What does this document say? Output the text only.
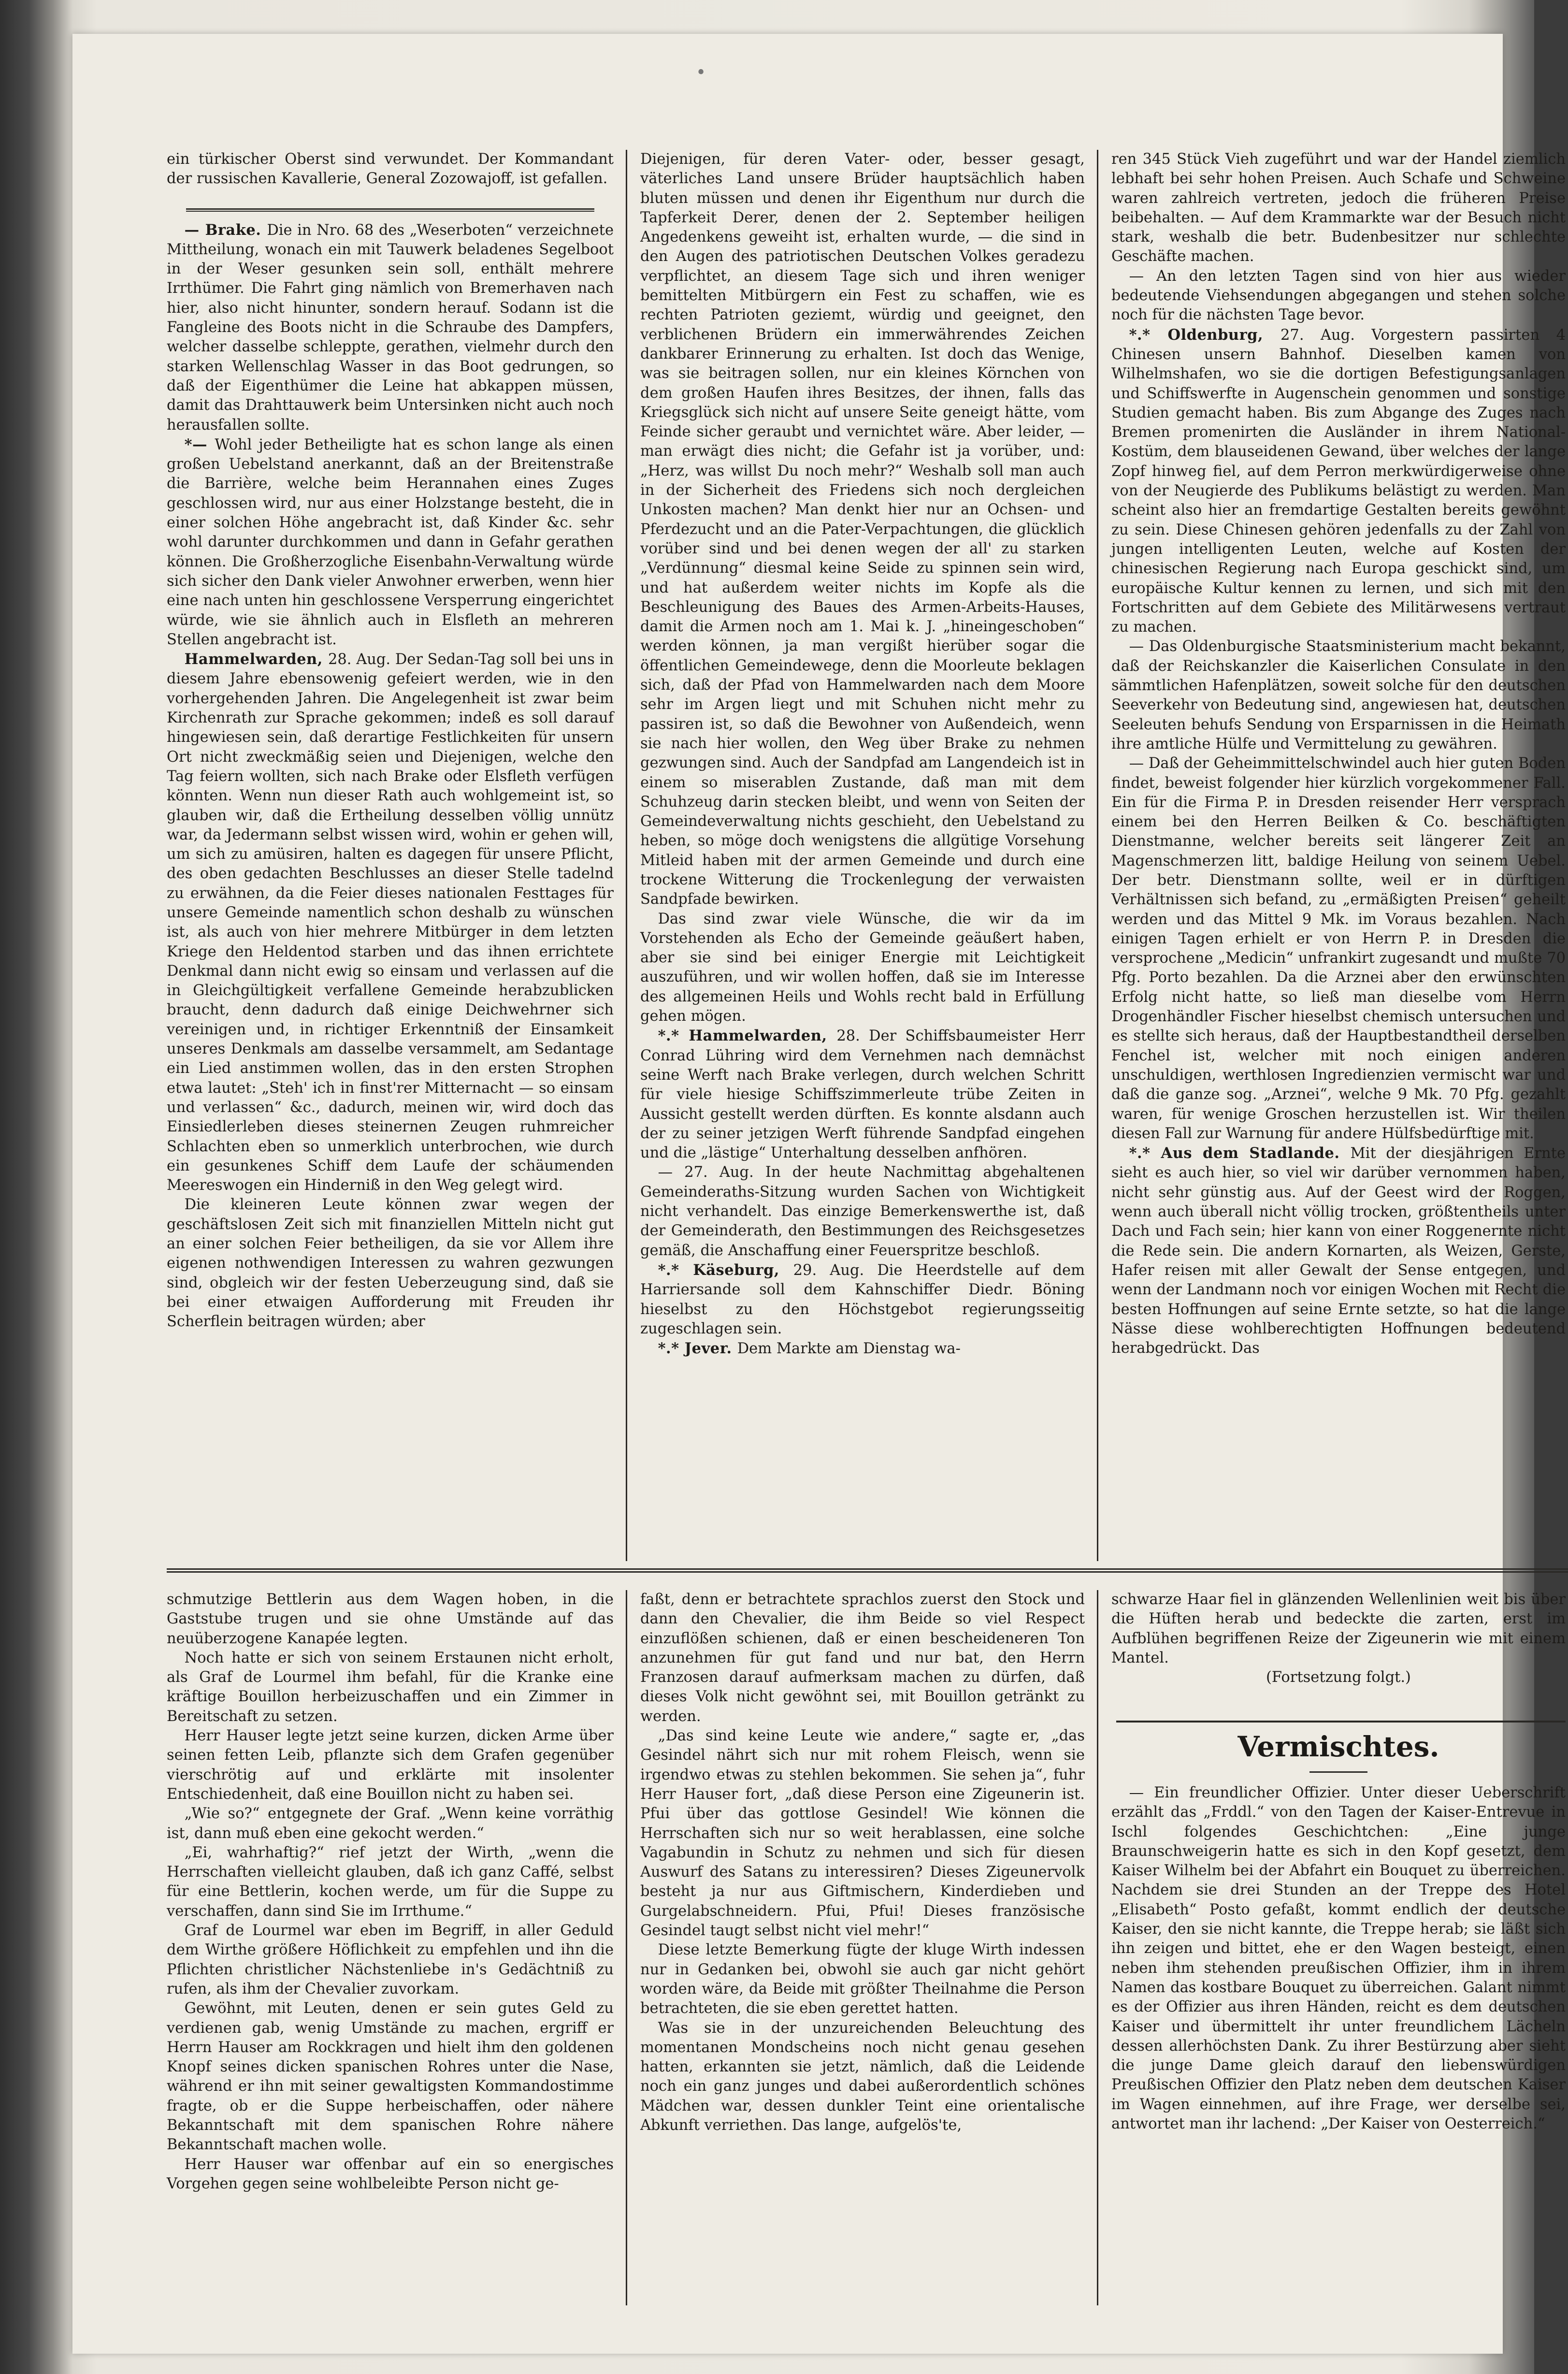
•

ein türkischer Oberst sind verwundet. Der Kommandant der russischen Kavallerie, General Zozowajoff, ist gefallen.

— Brake. Die in Nro. 68 des „Weserboten“ verzeichnete Mittheilung, wonach ein mit Tauwerk beladenes Segelboot in der Weser gesunken sein soll, enthält mehrere Irrthümer. Die Fahrt ging nämlich von Bremerhaven nach hier, also nicht hinunter, sondern herauf. Sodann ist die Fangleine des Boots nicht in die Schraube des Dampfers, welcher dasselbe schleppte, gerathen, vielmehr durch den starken Wellenschlag Wasser in das Boot gedrungen, so daß der Eigenthümer die Leine hat abkappen müssen, damit das Drahttauwerk beim Untersinken nicht auch noch herausfallen sollte.

*— Wohl jeder Betheiligte hat es schon lange als einen großen Uebelstand anerkannt, daß an der Breitenstraße die Barrière, welche beim Herannahen eines Zuges geschlossen wird, nur aus einer Holzstange besteht, die in einer solchen Höhe angebracht ist, daß Kinder &c. sehr wohl darunter durchkommen und dann in Gefahr gerathen können. Die Großherzogliche Eisenbahn-Verwaltung würde sich sicher den Dank vieler Anwohner erwerben, wenn hier eine nach unten hin geschlossene Versperrung eingerichtet würde, wie sie ähnlich auch in Elsfleth an mehreren Stellen angebracht ist.

Hammelwarden, 28. Aug. Der Sedan-Tag soll bei uns in diesem Jahre ebensowenig gefeiert werden, wie in den vorhergehenden Jahren. Die Angelegenheit ist zwar beim Kirchenrath zur Sprache gekommen; indeß es soll darauf hingewiesen sein, daß derartige Festlichkeiten für unsern Ort nicht zweckmäßig seien und Diejenigen, welche den Tag feiern wollten, sich nach Brake oder Elsfleth verfügen könnten. Wenn nun dieser Rath auch wohlgemeint ist, so glauben wir, daß die Ertheilung desselben völlig unnütz war, da Jedermann selbst wissen wird, wohin er gehen will, um sich zu amüsiren, halten es dagegen für unsere Pflicht, des oben gedachten Beschlusses an dieser Stelle tadelnd zu erwähnen, da die Feier dieses nationalen Festtages für unsere Gemeinde namentlich schon deshalb zu wünschen ist, als auch von hier mehrere Mitbürger in dem letzten Kriege den Heldentod starben und das ihnen errichtete Denkmal dann nicht ewig so einsam und verlassen auf die in Gleichgültigkeit verfallene Gemeinde herabzublicken braucht, denn dadurch daß einige Deichwehrner sich vereinigen und, in richtiger Erkenntniß der Einsamkeit unseres Denkmals am dasselbe versammelt, am Sedantage ein Lied anstimmen wollen, das in den ersten Strophen etwa lautet: „Steh' ich in finst'rer Mitternacht — so einsam und verlassen“ &c., dadurch, meinen wir, wird doch das Einsiedlerleben dieses steinernen Zeugen ruhmreicher Schlachten eben so unmerklich unterbrochen, wie durch ein gesunkenes Schiff dem Laufe der schäumenden Meereswogen ein Hinderniß in den Weg gelegt wird.

Die kleineren Leute können zwar wegen der geschäftslosen Zeit sich mit finanziellen Mitteln nicht gut an einer solchen Feier betheiligen, da sie vor Allem ihre eigenen nothwendigen Interessen zu wahren gezwungen sind, obgleich wir der festen Ueberzeugung sind, daß sie bei einer etwaigen Aufforderung mit Freuden ihr Scherflein beitragen würden; aber

Diejenigen, für deren Vater- oder, besser gesagt, väterliches Land unsere Brüder hauptsächlich haben bluten müssen und denen ihr Eigenthum nur durch die Tapferkeit Derer, denen der 2. September heiligen Angedenkens geweiht ist, erhalten wurde, — die sind in den Augen des patriotischen Deutschen Volkes geradezu verpflichtet, an diesem Tage sich und ihren weniger bemittelten Mitbürgern ein Fest zu schaffen, wie es rechten Patrioten geziemt, würdig und geeignet, den verblichenen Brüdern ein immerwährendes Zeichen dankbarer Erinnerung zu erhalten. Ist doch das Wenige, was sie beitragen sollen, nur ein kleines Körnchen von dem großen Haufen ihres Besitzes, der ihnen, falls das Kriegsglück sich nicht auf unsere Seite geneigt hätte, vom Feinde sicher geraubt und vernichtet wäre. Aber leider, — man erwägt dies nicht; die Gefahr ist ja vorüber, und: „Herz, was willst Du noch mehr?“ Weshalb soll man auch in der Sicherheit des Friedens sich noch dergleichen Unkosten machen? Man denkt hier nur an Ochsen- und Pferdezucht und an die Pater-Verpachtungen, die glücklich vorüber sind und bei denen wegen der all' zu starken „Verdünnung“ diesmal keine Seide zu spinnen sein wird, und hat außerdem weiter nichts im Kopfe als die Beschleunigung des Baues des Armen-Arbeits-Hauses, damit die Armen noch am 1. Mai k. J. „hineingeschoben“ werden können, ja man vergißt hierüber sogar die öffentlichen Gemeindewege, denn die Moorleute beklagen sich, daß der Pfad von Hammelwarden nach dem Moore sehr im Argen liegt und mit Schuhen nicht mehr zu passiren ist, so daß die Bewohner von Außendeich, wenn sie nach hier wollen, den Weg über Brake zu nehmen gezwungen sind. Auch der Sandpfad am Langendeich ist in einem so miserablen Zustande, daß man mit dem Schuhzeug darin stecken bleibt, und wenn von Seiten der Gemeindeverwaltung nichts geschieht, den Uebelstand zu heben, so möge doch wenigstens die allgütige Vorsehung Mitleid haben mit der armen Gemeinde und durch eine trockene Witterung die Trockenlegung der verwaisten Sandpfade bewirken.

Das sind zwar viele Wünsche, die wir da im Vorstehenden als Echo der Gemeinde geäußert haben, aber sie sind bei einiger Energie mit Leichtigkeit auszuführen, und wir wollen hoffen, daß sie im Interesse des allgemeinen Heils und Wohls recht bald in Erfüllung gehen mögen.

*.* Hammelwarden, 28. Der Schiffsbaumeister Herr Conrad Lühring wird dem Vernehmen nach demnächst seine Werft nach Brake verlegen, durch welchen Schritt für viele hiesige Schiffszimmerleute trübe Zeiten in Aussicht gestellt werden dürften. Es konnte alsdann auch der zu seiner jetzigen Werft führende Sandpfad eingehen und die „lästige“ Unterhaltung desselben anfhören.

— 27. Aug. In der heute Nachmittag abgehaltenen Gemeinderaths-Sitzung wurden Sachen von Wichtigkeit nicht verhandelt. Das einzige Bemerkenswerthe ist, daß der Gemeinderath, den Bestimmungen des Reichsgesetzes gemäß, die Anschaffung einer Feuerspritze beschloß.

*.* Käseburg, 29. Aug. Die Heerdstelle auf dem Harriersande soll dem Kahnschiffer Diedr. Böning hieselbst zu den Höchstgebot regierungsseitig zugeschlagen sein.

*.* Jever. Dem Markte am Dienstag wa-

ren 345 Stück Vieh zugeführt und war der Handel ziemlich lebhaft bei sehr hohen Preisen. Auch Schafe und Schweine waren zahlreich vertreten, jedoch die früheren Preise beibehalten. — Auf dem Krammarkte war der Besuch nicht stark, weshalb die betr. Budenbesitzer nur schlechte Geschäfte machen.

— An den letzten Tagen sind von hier aus wieder bedeutende Viehsendungen abgegangen und stehen solche noch für die nächsten Tage bevor.

*.* Oldenburg, 27. Aug. Vorgestern passirten 4 Chinesen unsern Bahnhof. Dieselben kamen von Wilhelmshafen, wo sie die dortigen Befestigungsanlagen und Schiffswerfte in Augenschein genommen und sonstige Studien gemacht haben. Bis zum Abgange des Zuges nach Bremen promenirten die Ausländer in ihrem National-Kostüm, dem blauseidenen Gewand, über welches der lange Zopf hinweg fiel, auf dem Perron merkwürdigerweise ohne von der Neugierde des Publikums belästigt zu werden. Man scheint also hier an fremdartige Gestalten bereits gewöhnt zu sein. Diese Chinesen gehören jedenfalls zu der Zahl von jungen intelligenten Leuten, welche auf Kosten der chinesischen Regierung nach Europa geschickt sind, um europäische Kultur kennen zu lernen, und sich mit den Fortschritten auf dem Gebiete des Militärwesens vertraut zu machen.

— Das Oldenburgische Staatsministerium macht bekannt, daß der Reichskanzler die Kaiserlichen Consulate in den sämmtlichen Hafenplätzen, soweit solche für den deutschen Seeverkehr von Bedeutung sind, angewiesen hat, deutschen Seeleuten behufs Sendung von Ersparnissen in die Heimath ihre amtliche Hülfe und Vermittelung zu gewähren.

— Daß der Geheimmittelschwindel auch hier guten Boden findet, beweist folgender hier kürzlich vorgekommener Fall. Ein für die Firma P. in Dresden reisender Herr versprach einem bei den Herren Beilken & Co. beschäftigten Dienstmanne, welcher bereits seit längerer Zeit an Magenschmerzen litt, baldige Heilung von seinem Uebel. Der betr. Dienstmann sollte, weil er in dürftigen Verhältnissen sich befand, zu „ermäßigten Preisen“ geheilt werden und das Mittel 9 Mk. im Voraus bezahlen. Nach einigen Tagen erhielt er von Herrn P. in Dresden die versprochene „Medicin“ unfrankirt zugesandt und mußte 70 Pfg. Porto bezahlen. Da die Arznei aber den erwünschten Erfolg nicht hatte, so ließ man dieselbe vom Herrn Drogenhändler Fischer hieselbst chemisch untersuchen und es stellte sich heraus, daß der Hauptbestandtheil derselben Fenchel ist, welcher mit noch einigen anderen unschuldigen, werthlosen Ingredienzien vermischt war und daß die ganze sog. „Arznei“, welche 9 Mk. 70 Pfg. gezahlt waren, für wenige Groschen herzustellen ist. Wir theilen diesen Fall zur Warnung für andere Hülfsbedürftige mit.

*.* Aus dem Stadlande. Mit der diesjährigen Ernte sieht es auch hier, so viel wir darüber vernommen haben, nicht sehr günstig aus. Auf der Geest wird der Roggen, wenn auch überall nicht völlig trocken, größtentheils unter Dach und Fach sein; hier kann von einer Roggenernte nicht die Rede sein. Die andern Kornarten, als Weizen, Gerste, Hafer reisen mit aller Gewalt der Sense entgegen, und wenn der Landmann noch vor einigen Wochen mit Recht die besten Hoffnungen auf seine Ernte setzte, so hat die lange Nässe diese wohlberechtigten Hoffnungen bedeutend herabgedrückt. Das

schmutzige Bettlerin aus dem Wagen hoben, in die Gaststube trugen und sie ohne Umstände auf das neuüberzogene Kanapée legten.

Noch hatte er sich von seinem Erstaunen nicht erholt, als Graf de Lourmel ihm befahl, für die Kranke eine kräftige Bouillon herbeizuschaffen und ein Zimmer in Bereitschaft zu setzen.

Herr Hauser legte jetzt seine kurzen, dicken Arme über seinen fetten Leib, pflanzte sich dem Grafen gegenüber vierschrötig auf und erklärte mit insolenter Entschiedenheit, daß eine Bouillon nicht zu haben sei.

„Wie so?“ entgegnete der Graf. „Wenn keine vorräthig ist, dann muß eben eine gekocht werden.“

„Ei, wahrhaftig?“ rief jetzt der Wirth, „wenn die Herrschaften vielleicht glauben, daß ich ganz Caffé, selbst für eine Bettlerin, kochen werde, um für die Suppe zu verschaffen, dann sind Sie im Irrthume.“

Graf de Lourmel war eben im Begriff, in aller Geduld dem Wirthe größere Höflichkeit zu empfehlen und ihn die Pflichten christlicher Nächstenliebe in's Gedächtniß zu rufen, als ihm der Chevalier zuvorkam.

Gewöhnt, mit Leuten, denen er sein gutes Geld zu verdienen gab, wenig Umstände zu machen, ergriff er Herrn Hauser am Rockkragen und hielt ihm den goldenen Knopf seines dicken spanischen Rohres unter die Nase, während er ihn mit seiner gewaltigsten Kommandostimme fragte, ob er die Suppe herbeischaffen, oder nähere Bekanntschaft mit dem spanischen Rohre nähere Bekanntschaft machen wolle.

Herr Hauser war offenbar auf ein so energisches Vorgehen gegen seine wohlbeleibte Person nicht ge-

faßt, denn er betrachtete sprachlos zuerst den Stock und dann den Chevalier, die ihm Beide so viel Respect einzuflößen schienen, daß er einen bescheideneren Ton anzunehmen für gut fand und nur bat, den Herrn Franzosen darauf aufmerksam machen zu dürfen, daß dieses Volk nicht gewöhnt sei, mit Bouillon getränkt zu werden.

„Das sind keine Leute wie andere,“ sagte er, „das Gesindel nährt sich nur mit rohem Fleisch, wenn sie irgendwo etwas zu stehlen bekommen. Sie sehen ja“, fuhr Herr Hauser fort, „daß diese Person eine Zigeunerin ist. Pfui über das gottlose Gesindel! Wie können die Herrschaften sich nur so weit herablassen, eine solche Vagabundin in Schutz zu nehmen und sich für diesen Auswurf des Satans zu interessiren? Dieses Zigeunervolk besteht ja nur aus Giftmischern, Kinderdieben und Gurgelabschneidern. Pfui, Pfui! Dieses französische Gesindel taugt selbst nicht viel mehr!“

Diese letzte Bemerkung fügte der kluge Wirth indessen nur in Gedanken bei, obwohl sie auch gar nicht gehört worden wäre, da Beide mit größter Theilnahme die Person betrachteten, die sie eben gerettet hatten.

Was sie in der unzureichenden Beleuchtung des momentanen Mondscheins noch nicht genau gesehen hatten, erkannten sie jetzt, nämlich, daß die Leidende noch ein ganz junges und dabei außerordentlich schönes Mädchen war, dessen dunkler Teint eine orientalische Abkunft verriethen. Das lange, aufgelös'te,

schwarze Haar fiel in glänzenden Wellenlinien weit bis über die Hüften herab und bedeckte die zarten, erst im Aufblühen begriffenen Reize der Zigeunerin wie mit einem Mantel.

(Fortsetzung folgt.)

Vermischtes.

— Ein freundlicher Offizier. Unter dieser Ueberschrift erzählt das „Frddl.“ von den Tagen der Kaiser-Entrevue in Ischl folgendes Geschichtchen: „Eine junge Braunschweigerin hatte es sich in den Kopf gesetzt, dem Kaiser Wilhelm bei der Abfahrt ein Bouquet zu überreichen. Nachdem sie drei Stunden an der Treppe des Hotel „Elisabeth“ Posto gefaßt, kommt endlich der deutsche Kaiser, den sie nicht kannte, die Treppe herab; sie läßt sich ihn zeigen und bittet, ehe er den Wagen besteigt, einen neben ihm stehenden preußischen Offizier, ihm in ihrem Namen das kostbare Bouquet zu überreichen. Galant nimmt es der Offizier aus ihren Händen, reicht es dem deutschen Kaiser und übermittelt ihr unter freundlichem Lächeln dessen allerhöchsten Dank. Zu ihrer Bestürzung aber sieht die junge Dame gleich darauf den liebenswürdigen Preußischen Offizier den Platz neben dem deutschen Kaiser im Wagen einnehmen, auf ihre Frage, wer derselbe sei, antwortet man ihr lachend: „Der Kaiser von Oesterreich.“
